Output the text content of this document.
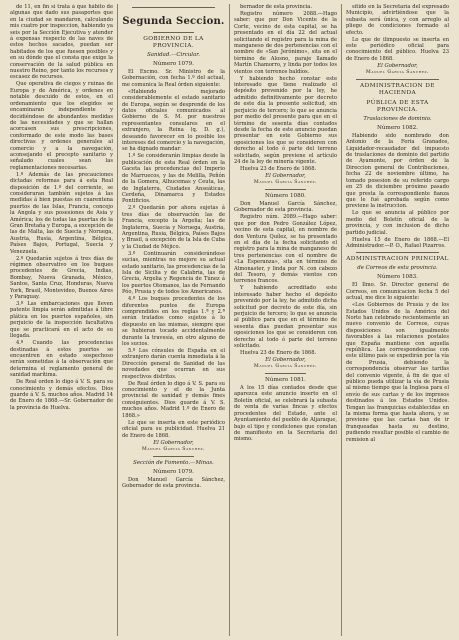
de 11, en fin si trata á que hábito de algunas que dado sus pasaportes que en la ciudad se mandaron, calculando mis cuatro por inspeccion, habiendo ya seis por la Sección Ejecutiva y atender á expensas respecto de las naves de estos hechos sacados, puedan ser habitados de los que fuesen posibles y en su dónde que el consta que exige la conservación de la salud pública en nuestro Reino, por tanto los recursos y escasez de recursos.

Que operativa de ciegos y ruinas de Europa y de América, y ordenes en notable descuido de estos, en el ordenamiento que los elegidos se encaminaran independiente y decidiéndose de abundantes medidas de las necesidades y que se hallan acorcasen sus prescripciones, conformado de este modo las bases directivas y ordenes generales al comercio y a la navegación, aconsejando el precepto sanitario y señalado cuales sean las reglamentaciones necesarias.

1.º Además de las precauciones dictadas reformas para á esta Real disposición de 1.º del corriente, se consideraran también sujetos á las medidas á bien puestas en cuarentena puertos de las Islas, Francia, concejo la Angola y sus posesiones de Asia y América; los de todas las puertas de la Gran Bretaña y Europa, a excepción de las de Malta, las de Suecia y Noruega, Austria, Rusia, Argentina, Bélgica, Países Bajos, Portugal, Suecia y Venezuela.

2.º Quedarán sujetos á tres días de régimen observativo en los buques procedentes de Grecia, Indias, Bombay, Nueva Granada, México, Santos, Santa Cruz, Honduras, Nueva York, Brasil, Montevideo, Buenos Aires y Paraguay.

3.º Las embarcaciones que lleven patente limpia serán admitidas á libre plática en los puertos españoles, sin perjuicio de la inspección facultativa que se practicará en el acto de su llegada.

4.º Cuando las procedencias destinadas á estos puertos se encuentren en estado sospechoso serán sometidas á la observación que determina el reglamento general de sanidad marítima.

De Real orden lo digo á V. S. para su conocimiento y demás efectos. Dios guarde á V. S. muchos años. Madrid 14 de Enero de 1868.—Sr. Gobernador de la provincia de Huelva.

Segunda Seccion.
GOBIERNO DE LA PROVINCIA.
Sanidad.—Circular.
Número 1079.

El Excmo. Sr. Ministro de la Gobernación, con fecha 1.º del actual, me comunica la Real órden siguiente:

«Habiendo mejorado considerablemente el estado sanitario de Europa, según se desprende de los datos oficiales comunicados al Gobierno de S. M. por nuestros representantes consulares en el extranjero, la Reina (q. D. g.), deseando favorecer en lo posible los intereses del comercio y la navegación, se ha dignado mandar:

1.º Se considerarán limpias desde la publicación de esta Real órden en la Gaceta las procedencias del Imperio de Marruecos, y las de Melilla, Peñón de la Gomera, Alhucemas y Ceuta, las de Inglaterra, Ciudades Anseáticas, Cerdeña, Dinamarca y Estados Pontificios.

2.º Quedarán por ahora sujetas á tres días de observación las de Francia, excepto la Argelia; las de Inglaterra, Suecia y Noruega, Austria, Argentina, Rusia, Bélgica, Países Bajos y Brasil, á excepción de la Isla de Cuba y la Ciudad de Méjico.

3.º Continuarán considerándose sucias, mientras no mejore su actual estado sanitario, las procedencias de la Isla de Sicilia y de Calabria, las de Grecia, Argelia y Regencia de Túnez á los puertos Otomanos, las de Fernando Póo, Prusia y de todos los Americanos.

4.º Los buques procedentes de los diferentes puntos de Europa comprendidos en los reglas 1.ª y 2.ª serán tratados como sujetos á lo dispuesto en las mismas, siempre que se hubieran tocado accidentalmente durante la travesía, en otro alguno de los sucios.

5.º Los cónsules de España en el extranjero darán cuenta inmediata á la Dirección general de Sanidad de las novedades que ocurran en sus respectivos distritos.

De Real órden lo digo á V. S. para su conocimiento y el de la Junta provincial de sanidad y demás fines consiguientes. Dios guarde á V. S. muchos años. Madrid 1.º de Enero de 1868.»

Lo que se inserta en este periódico oficial para su publicidad. Huelva 21 de Enero de 1868.

El Gobernador,
Manuel Garcia Sanchez.
Sección de Fomento.—Minas.
Número 1079.

Don Manuel García Sánchez, Gobernador de esta provincia.

bernador de esta provincia.

Registro número 2088.—Hago saber: que por Don Vicente de la Corte, vecino de esta capital, se ha presentado en el día 22 del actual solicitando el registro para la mina de manganeso de dos pertenencias con el nombre de «San Jerónimo», sita en el término de Alosno, paraje llamado Martín Chamorro, y linda por todos los vientos con terrenos baldíos.

Y habiendo hecho constar este interesado que tiene realizado el depósito prevenido por la ley, he admitido definitivamente por decreto de este día la presente solicitud, sin perjuicio de tercero; lo que se anuncia por medio del presente para que en el término de sesenta días contados desde la fecha de este anuncio puedan presentar en este Gobierno sus oposiciones los que se consideren con derecho al todo ó parte del terreno solicitado, según previene el artículo 24 de la ley de minería vigente.

Huelva 23 de Enero de 1868.

El Gobernador,
Manuel Garcia Sanchez.
Número 1080.

Don Manuel García Sánchez, Gobernador de esta provincia.

Registro núm. 2089.—Hago saber: que por don Pedro González López, vecino de esta capital, en nombre de don Ventura Quílez, se ha presentado en el día de la fecha solicitando el registro para la mina de manganeso de tres pertenencias con el nombre de «La Esperanza», sita en término de Almonaster, y linda por N. con cabezo del Tesoro, y demás vientos con terrenos francos.

Y habiendo acreditado este interesado haber hecho el depósito prevenido por la ley, he admitido dicha solicitud por decreto de este día, sin perjuicio de tercero; lo que se anuncia al público para que en el término de sesenta días puedan presentar sus oposiciones los que se consideren con derecho al todo ó parte del terreno solicitado.

Huelva 23 de Enero de 1868.

El Gobernador,
Manuel Garcia Sanchez.
Número 1081.

A los 15 días contados desde que aparezca este anuncio inserto en el Boletín oficial, se celebrará la subasta de venta de varias fincas y efectos procedentes del Estado, ante el Ayuntamiento del pueblo de Aljaraque, bajo el tipo y condiciones que constan de manifiesto en la Secretaría del mismo.

sitido en la Secretaría del expresado Municipio, advirtiéndose que la subasta será única, y con arreglo al pliego de condiciones formado al efecto.

Lo que de ilimpuesto se inserta en este periódico oficial para conocimiento del público. Huelva 23 de Enero de 1868.

El Gobernador,
Manuel Garcia Sanchez.
ADMINISTRACION DE HACIENDA
PÚBLICA DE ESTA PROVINCIA.
Traslaciones de dominio.
Número 1082.

Habiendo sido nombrado don Antonio de la Feria Granados, Liquidador-recaudador del impuesto de traslaciones de dominio del partido de Ayamonte, por órden de la Direccion general de Contribuciones, fecha 22 de noviembre último, ha tomado posesion de su referido cargo en 25 de diciembre próximo pasado que presta la correspondiente fianza que le fué aprobada según como previene la instruccion.

Lo que se anuncia al público por medio del Boletín oficial de la provincia, y con inclusion de dicho partido judicial.

Huelva 15 de Enero de 1868.—El Administrador.—P. O., Rafael Pizarros.

ADMINISTRACION PRINCIPAL
de Correos de esta provincia.
Número 1083.

El Ilmo. Sr. Director general de Correos, en comunicacion fecha 5 del actual, me dice lo siguiente:

«Los Gobiernos de Prusia y de los Estados Unidos de la América del Norte han celebrado recientemente un nuevo convenio de Correos, cuyas disposiciones son igualmente favorables á las relaciones postales que España mantiene con aquella república. Las correspondencias con este último país se expedirán por la vía de Prusia, debiendo la correspondencia observar las tarifas del convenio vigente, á fin de que el público pueda utilizar la vía de Prusia al mismo tiempo que la Inglesa para el envío de sus cartas y de los impresos destinados á los Estados Unidos. Tengan las franquicias establecidas en la misma forma que hasta ahora, y se previene que las cartas han de ir franqueadas hasta su destino, pudiendo resultar posible el cambio de remision al
